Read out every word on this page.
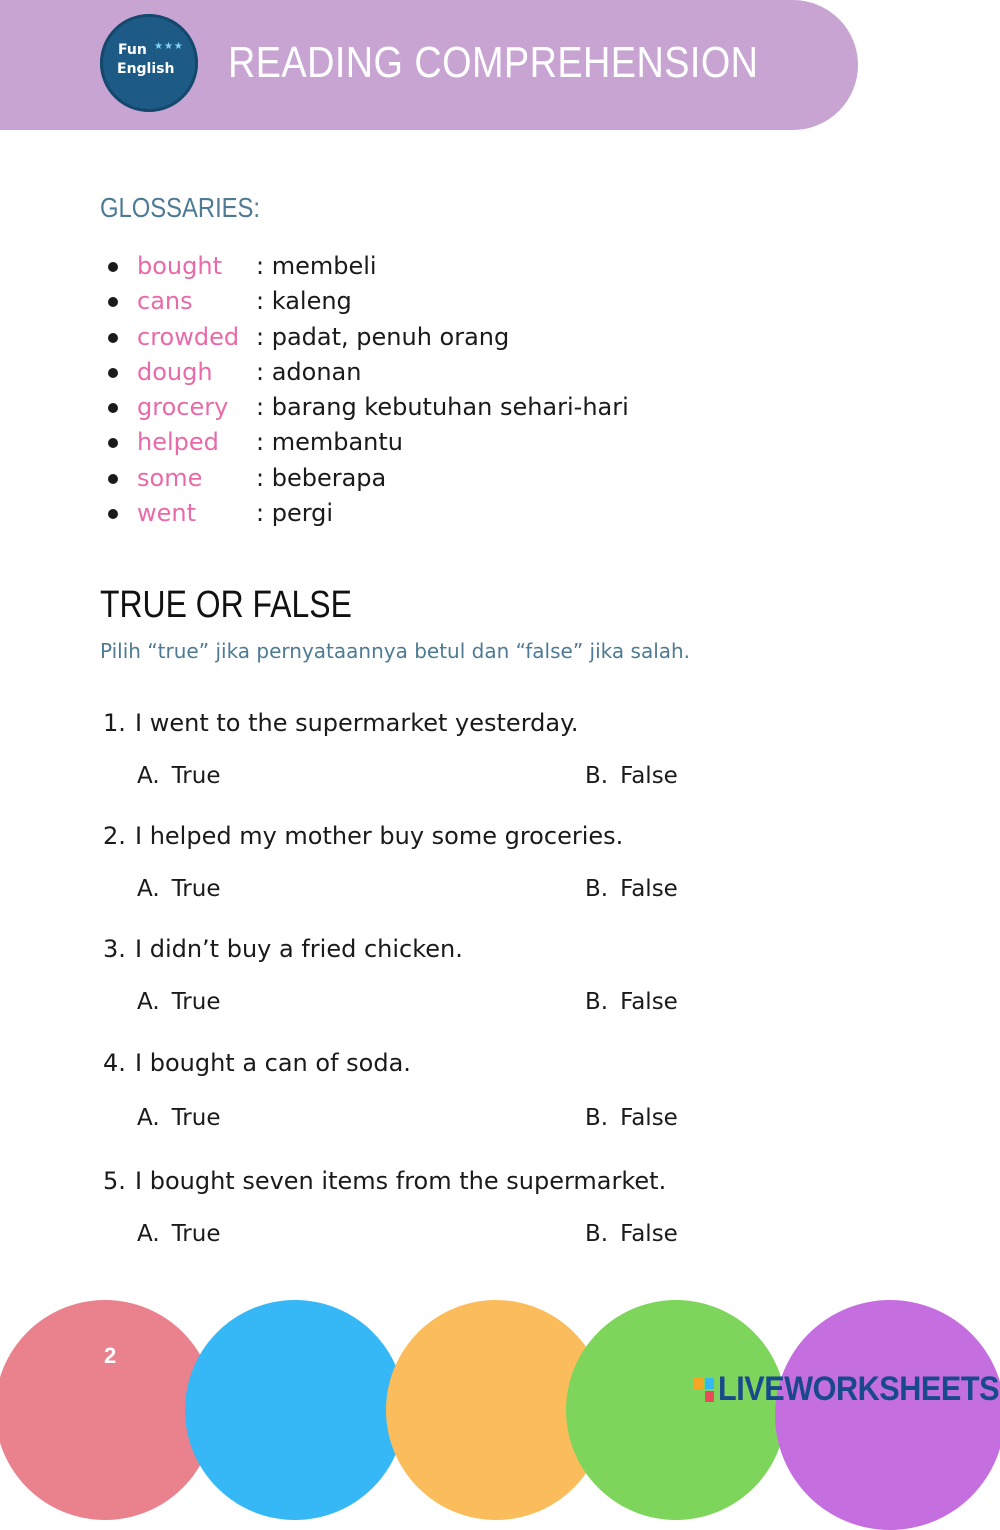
Fun ★★★
English READING COMPREHENSION
GLOSSARIES:
bought : membeli
cans	: kaleng
crowded : padat, penuh orang
dough : adonan
grocery : barang kebutuhan sehari-hari
helped : membantu
some : beberapa
went : pergi
TRUE OR FALSE
Pilih “true” jika pernyataannya betul dan “false” jika salah.
1. I went to the supermarket yesterday.
A. True	B. False
2. I helped my mother buy some groceries.
A. True	B. False
3. I didn’t buy a fried chicken.
A. True	B. False
4. I bought a can of soda.
A. True	B. False
5. I bought seven items from the supermarket.
A. True	B. False
2
LIVEWORKSHEETS
